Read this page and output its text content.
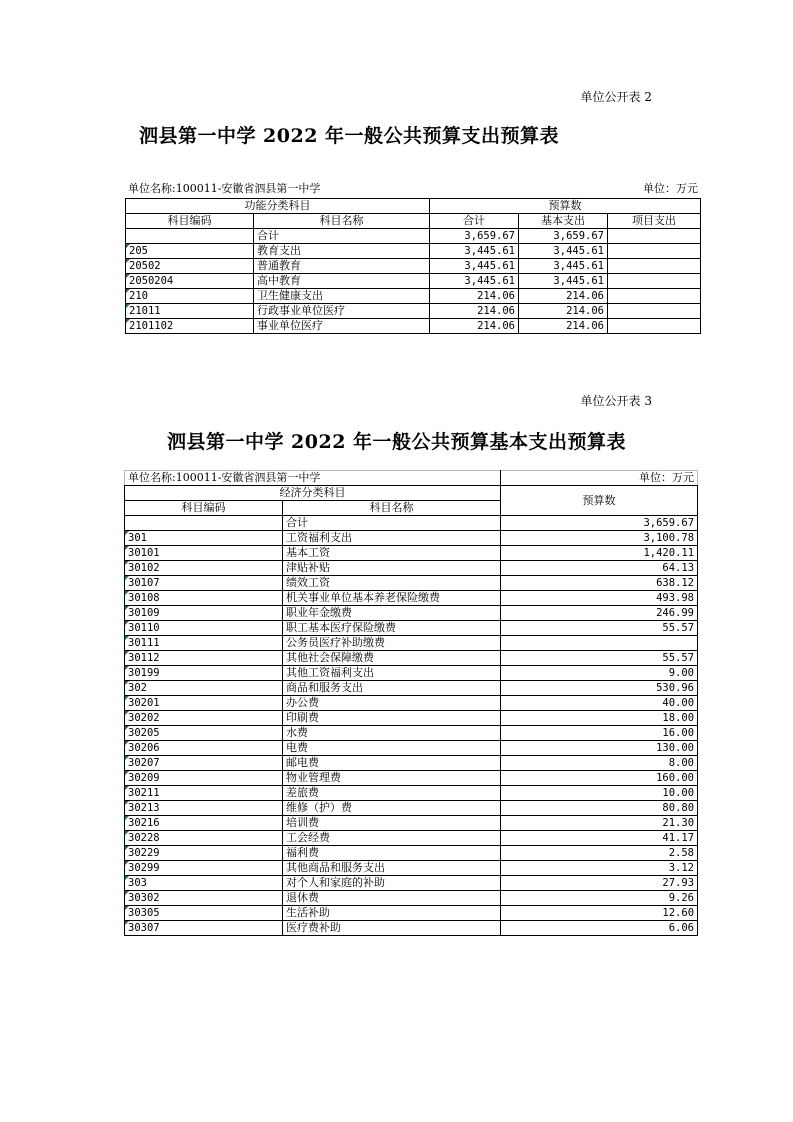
单位公开表 2
泗县第一中学 2022 年一般公共预算支出预算表
单位名称:100011-安徽省泗县第一中学	单位：万元
功能分类科目		预算数		
科目编码	科目名称	合计	基本支出	项目支出
	合计	3,659.67	3,659.67	
205	教育支出	3,445.61	3,445.61	
20502	普通教育	3,445.61	3,445.61	
2050204	高中教育	3,445.61	3,445.61	
210	卫生健康支出	214.06	214.06	
21011	行政事业单位医疗	214.06	214.06	
2101102	事业单位医疗	214.06	214.06	
单位公开表 3
泗县第一中学 2022 年一般公共预算基本支出预算表
单位名称:100011-安徽省泗县第一中学		单位：万元
经济分类科目		预算数
科目编码	科目名称	
	合计	3,659.67
301	工资福利支出	3,100.78
30101	基本工资	1,420.11
30102	津贴补贴	64.13
30107	绩效工资	638.12
30108	机关事业单位基本养老保险缴费	493.98
30109	职业年金缴费	246.99
30110	职工基本医疗保险缴费	55.57
30111	公务员医疗补助缴费	
30112	其他社会保障缴费	55.57
30199	其他工资福利支出	9.00
302	商品和服务支出	530.96
30201	办公费	40.00
30202	印刷费	18.00
30205	水费	16.00
30206	电费	130.00
30207	邮电费	8.00
30209	物业管理费	160.00
30211	差旅费	10.00
30213	维修（护）费	80.80
30216	培训费	21.30
30228	工会经费	41.17
30229	福利费	2.58
30299	其他商品和服务支出	3.12
303	对个人和家庭的补助	27.93
30302	退休费	9.26
30305	生活补助	12.60
30307	医疗费补助	6.06
